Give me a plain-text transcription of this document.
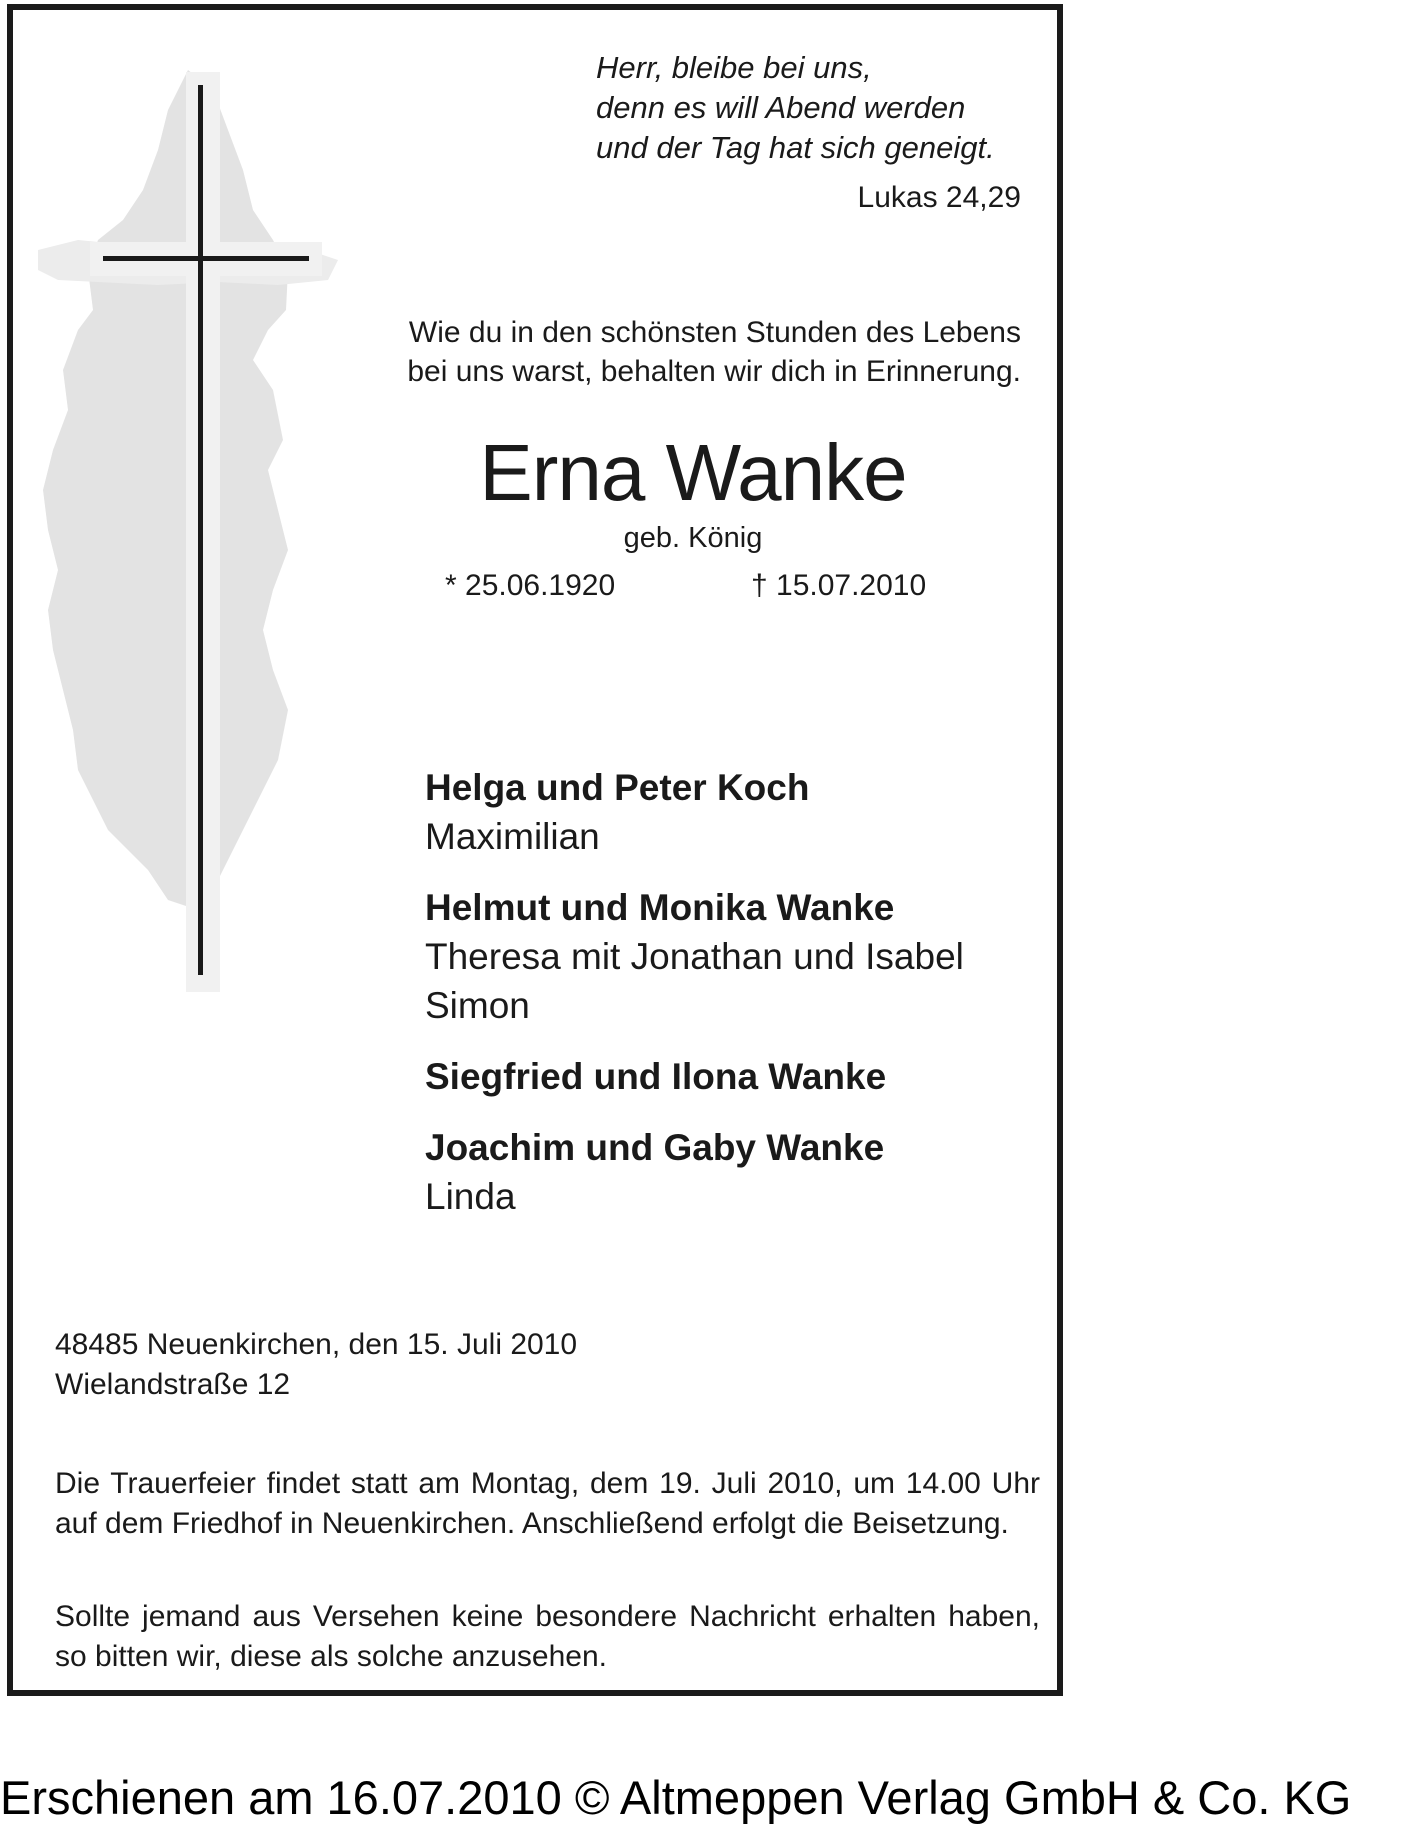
Herr, bleibe bei uns,
denn es will Abend werden
und der Tag hat sich geneigt.
Lukas 24,29
Wie du in den schönsten Stunden des Lebens
bei uns warst, behalten wir dich in Erinnerung.
Erna Wanke
geb. König
* 25.06.1920	† 15.07.2010
Helga und Peter Koch
Maximilian
Helmut und Monika Wanke
Theresa mit Jonathan und Isabel
Simon
Siegfried und Ilona Wanke
Joachim und Gaby Wanke
Linda
48485 Neuenkirchen, den 15. Juli 2010
Wielandstraße 12
Die Trauerfeier findet statt am Montag, dem 19. Juli 2010, um 14.00 Uhr auf dem Friedhof in Neuenkirchen. Anschließend erfolgt die Beisetzung.
Sollte jemand aus Versehen keine besondere Nachricht erhalten haben, so bitten wir, diese als solche anzusehen.
Erschienen am 16.07.2010 © Altmeppen Verlag GmbH & Co. KG
